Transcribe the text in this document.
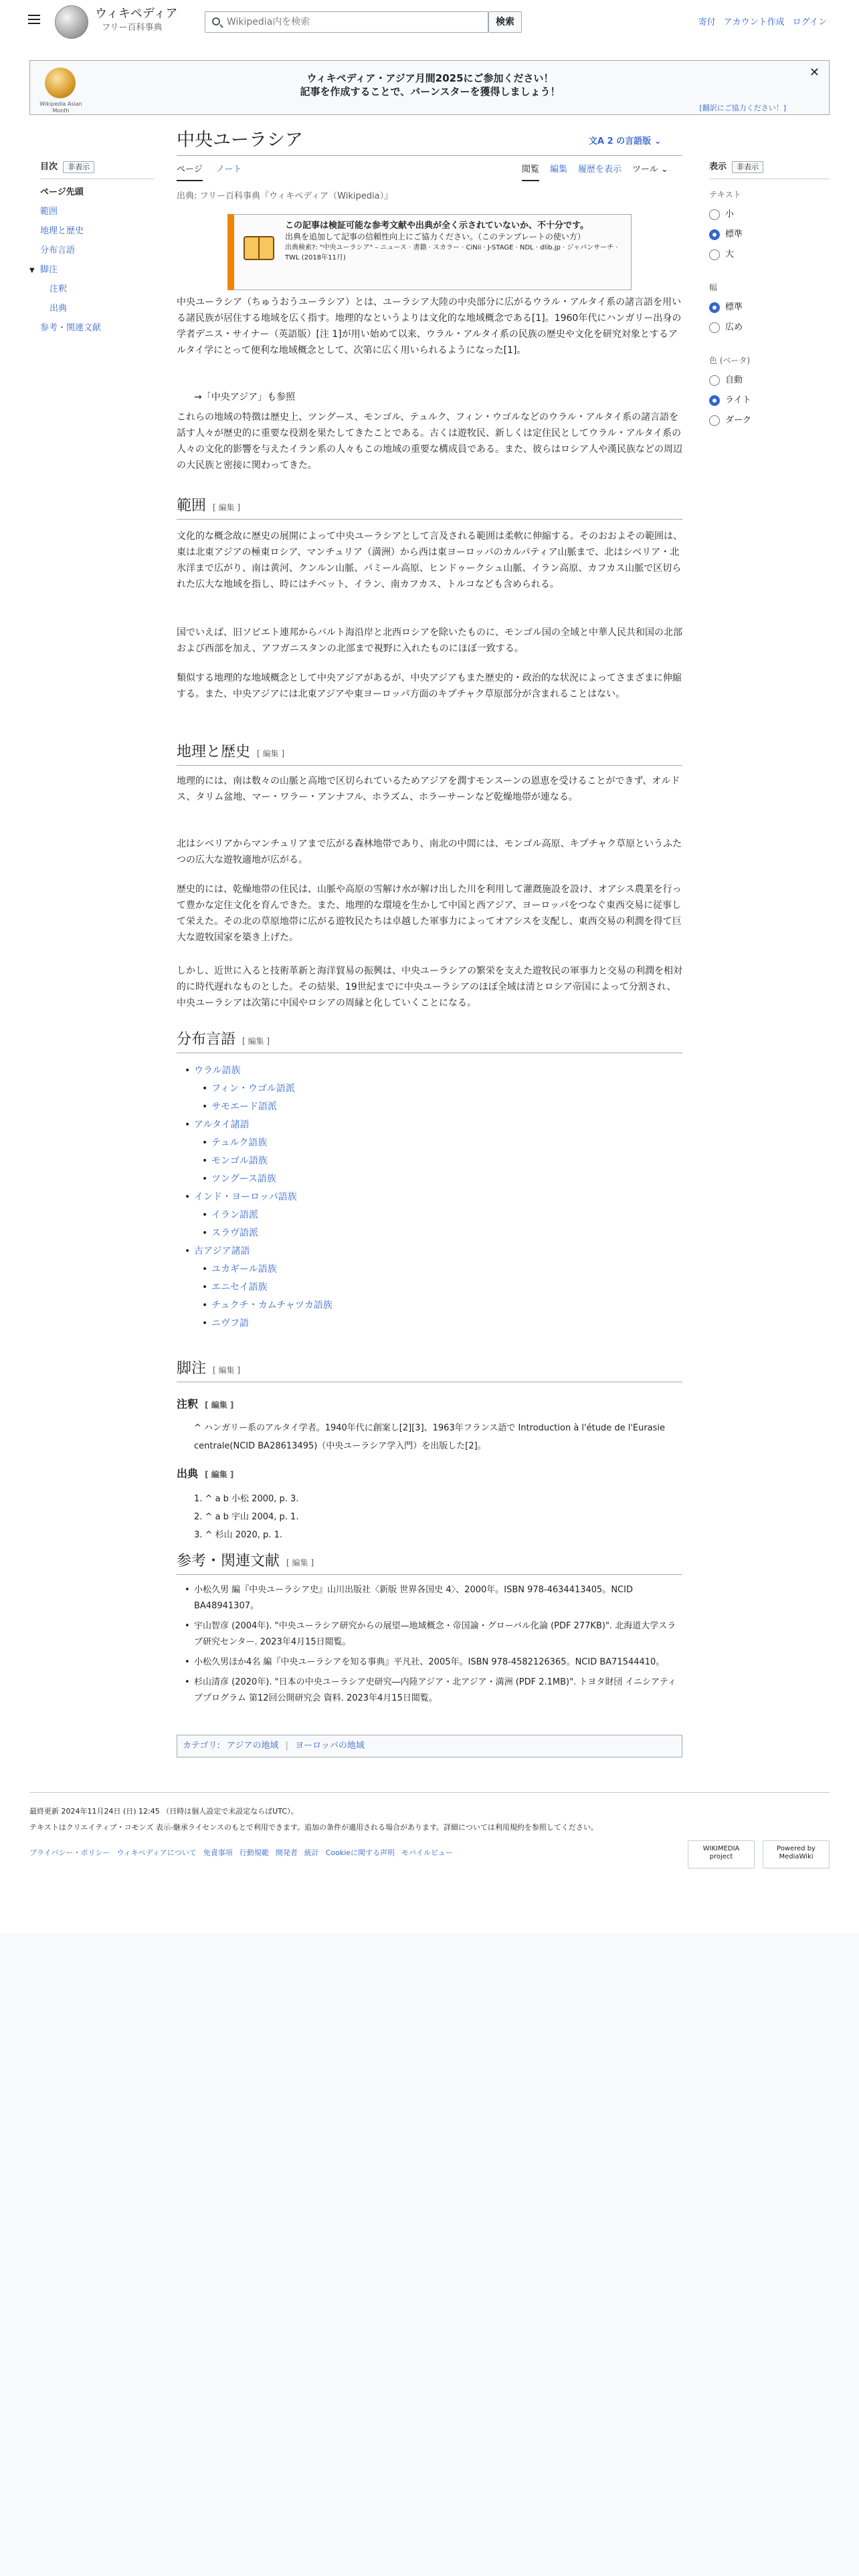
ウィキペディア
フリー百科事典
Wikipedia内を検索	検索	寄付 アカウント作成 ログイン
Wikipedia Asian Month
ウィキペディア・アジア月間2025にご参加ください！
記事を作成することで、バーンスターを獲得しましょう！
✕
[翻訳にご協力ください！]
目次	非表示
ページ先頭
範囲
地理と歴史
分布言語
▼ 脚注
注釈
出典
参考・関連文献
中央ユーラシア	文A 2 の言語版 ⌄
ページ ノート	閲覧 編集 履歴を表示 ツール ⌄
出典: フリー百科事典『ウィキペディア（Wikipedia）』
この記事は検証可能な参考文献や出典が全く示されていないか、不十分です。
出典を追加して記事の信頼性向上にご協力ください。（このテンプレートの使い方）
出典検索?: "中央ユーラシア" – ニュース · 書籍 · スカラー · CiNii · J-STAGE · NDL · dlib.jp · ジャパンサーチ · TWL (2018年11月)

中央ユーラシア（ちゅうおうユーラシア）とは、ユーラシア大陸の中央部分に広がるウラル・アルタイ系の諸言語を用いる諸民族が居住する地域を広く指す。地理的なというよりは文化的な地域概念である[1]。1960年代にハンガリー出身の学者デニス・サイナー（英語版）[注 1]が用い始めて以来、ウラル・アルタイ系の民族の歴史や文化を研究対象とするアルタイ学にとって便利な地域概念として、次第に広く用いられるようになった[1]。

→「中央アジア」も参照

これらの地域の特徴は歴史上、ツングース、モンゴル、テュルク、フィン・ウゴルなどのウラル・アルタイ系の諸言語を話す人々が歴史的に重要な役割を果たしてきたことである。古くは遊牧民、新しくは定住民としてウラル・アルタイ系の人々の文化的影響を与えたイラン系の人々もこの地域の重要な構成員である。また、彼らはロシア人や漢民族などの周辺の大民族と密接に関わってきた。

範囲 [ 編集 ]

文化的な概念故に歴史の展開によって中央ユーラシアとして言及される範囲は柔軟に伸縮する。そのおおよその範囲は、東は北東アジアの極東ロシア、マンチュリア（満洲）から西は東ヨーロッパのカルパティア山脈まで、北はシベリア・北氷洋まで広がり、南は黄河、クンルン山脈、パミール高原、ヒンドゥークシュ山脈、イラン高原、カフカス山脈で区切られた広大な地域を指し、時にはチベット、イラン、南カフカス、トルコなども含められる。

国でいえば、旧ソビエト連邦からバルト海沿岸と北西ロシアを除いたものに、モンゴル国の全域と中華人民共和国の北部および西部を加え、アフガニスタンの北部まで視野に入れたものにほぼ一致する。

類似する地理的な地域概念として中央アジアがあるが、中央アジアもまた歴史的・政治的な状況によってさまざまに伸縮する。また、中央アジアには北東アジアや東ヨーロッパ方面のキプチャク草原部分が含まれることはない。

地理と歴史 [ 編集 ]

地理的には、南は数々の山脈と高地で区切られているためアジアを潤すモンスーンの恩恵を受けることができず、オルドス、タリム盆地、マー・ワラー・アンナフル、ホラズム、ホラーサーンなど乾燥地帯が連なる。

北はシベリアからマンチュリアまで広がる森林地帯であり、南北の中間には、モンゴル高原、キプチャク草原というふたつの広大な遊牧適地が広がる。

歴史的には、乾燥地帯の住民は、山脈や高原の雪解け水が解け出した川を利用して灌漑施設を設け、オアシス農業を行って豊かな定住文化を育んできた。また、地理的な環境を生かして中国と西アジア、ヨーロッパをつなぐ東西交易に従事して栄えた。その北の草原地帯に広がる遊牧民たちは卓越した軍事力によってオアシスを支配し、東西交易の利潤を得て巨大な遊牧国家を築き上げた。

しかし、近世に入ると技術革新と海洋貿易の振興は、中央ユーラシアの繁栄を支えた遊牧民の軍事力と交易の利潤を相対的に時代遅れなものとした。その結果、19世紀までに中央ユーラシアのほぼ全域は清とロシア帝国によって分割され、中央ユーラシアは次第に中国やロシアの周縁と化していくことになる。

分布言語 [ 編集 ]
• ウラル語族
• フィン・ウゴル語派
• サモエード語派
• アルタイ諸語
• テュルク語族
• モンゴル語族
• ツングース語族
• インド・ヨーロッパ語族
• イラン語派
• スラヴ語派
• 古アジア諸語
• ユカギール語族
• エニセイ語族
• チュクチ・カムチャツカ語族
• ニヴフ語
脚注 [ 編集 ]
注釈 [ 編集 ]
^ ハンガリー系のアルタイ学者。1940年代に創案し[2][3]、1963年フランス語で Introduction à l'étude de l'Eurasie centrale(NCID BA28613495)（中央ユーラシア学入門）を出版した[2]。
出典 [ 編集 ]
1. ^ a b 小松 2000, p. 3.
2. ^ a b 宇山 2004, p. 1.
3. ^ 杉山 2020, p. 1.
参考・関連文献 [ 編集 ]
• 小松久男 編『中央ユーラシア史』山川出版社〈新版 世界各国史 4〉、2000年。ISBN 978-4634413405。NCID BA48941307。
• 宇山智彦 (2004年). "中央ユーラシア研究からの展望—地域概念・帝国論・グローバル化論 (PDF 277KB)". 北海道大学スラブ研究センター. 2023年4月15日閲覧。
• 小松久男ほか4名 編『中央ユーラシアを知る事典』平凡社、2005年。ISBN 978-4582126365。NCID BA71544410。
• 杉山清彦 (2020年). "日本の中央ユーラシア史研究―内陸アジア・北アジア・満洲 (PDF 2.1MB)". トヨタ財団 イニシアティブプログラム 第12回公開研究会 資料. 2023年4月15日閲覧。
カテゴリ: アジアの地域 | ヨーロッパの地域
表示	非表示
テキスト
小
標準
大
幅
標準
広め
色 (ベータ)
自動
ライト
ダーク
最終更新 2024年11月24日 (日) 12:45 （日時は個人設定で未設定ならばUTC）。
テキストはクリエイティブ・コモンズ 表示-継承ライセンスのもとで利用できます。追加の条件が適用される場合があります。詳細については利用規約を参照してください。
プライバシー・ポリシー ウィキペディアについて 免責事項 行動規範 開発者 統計 Cookieに関する声明 モバイルビュー	WIKIMEDIA project
Powered by MediaWiki
